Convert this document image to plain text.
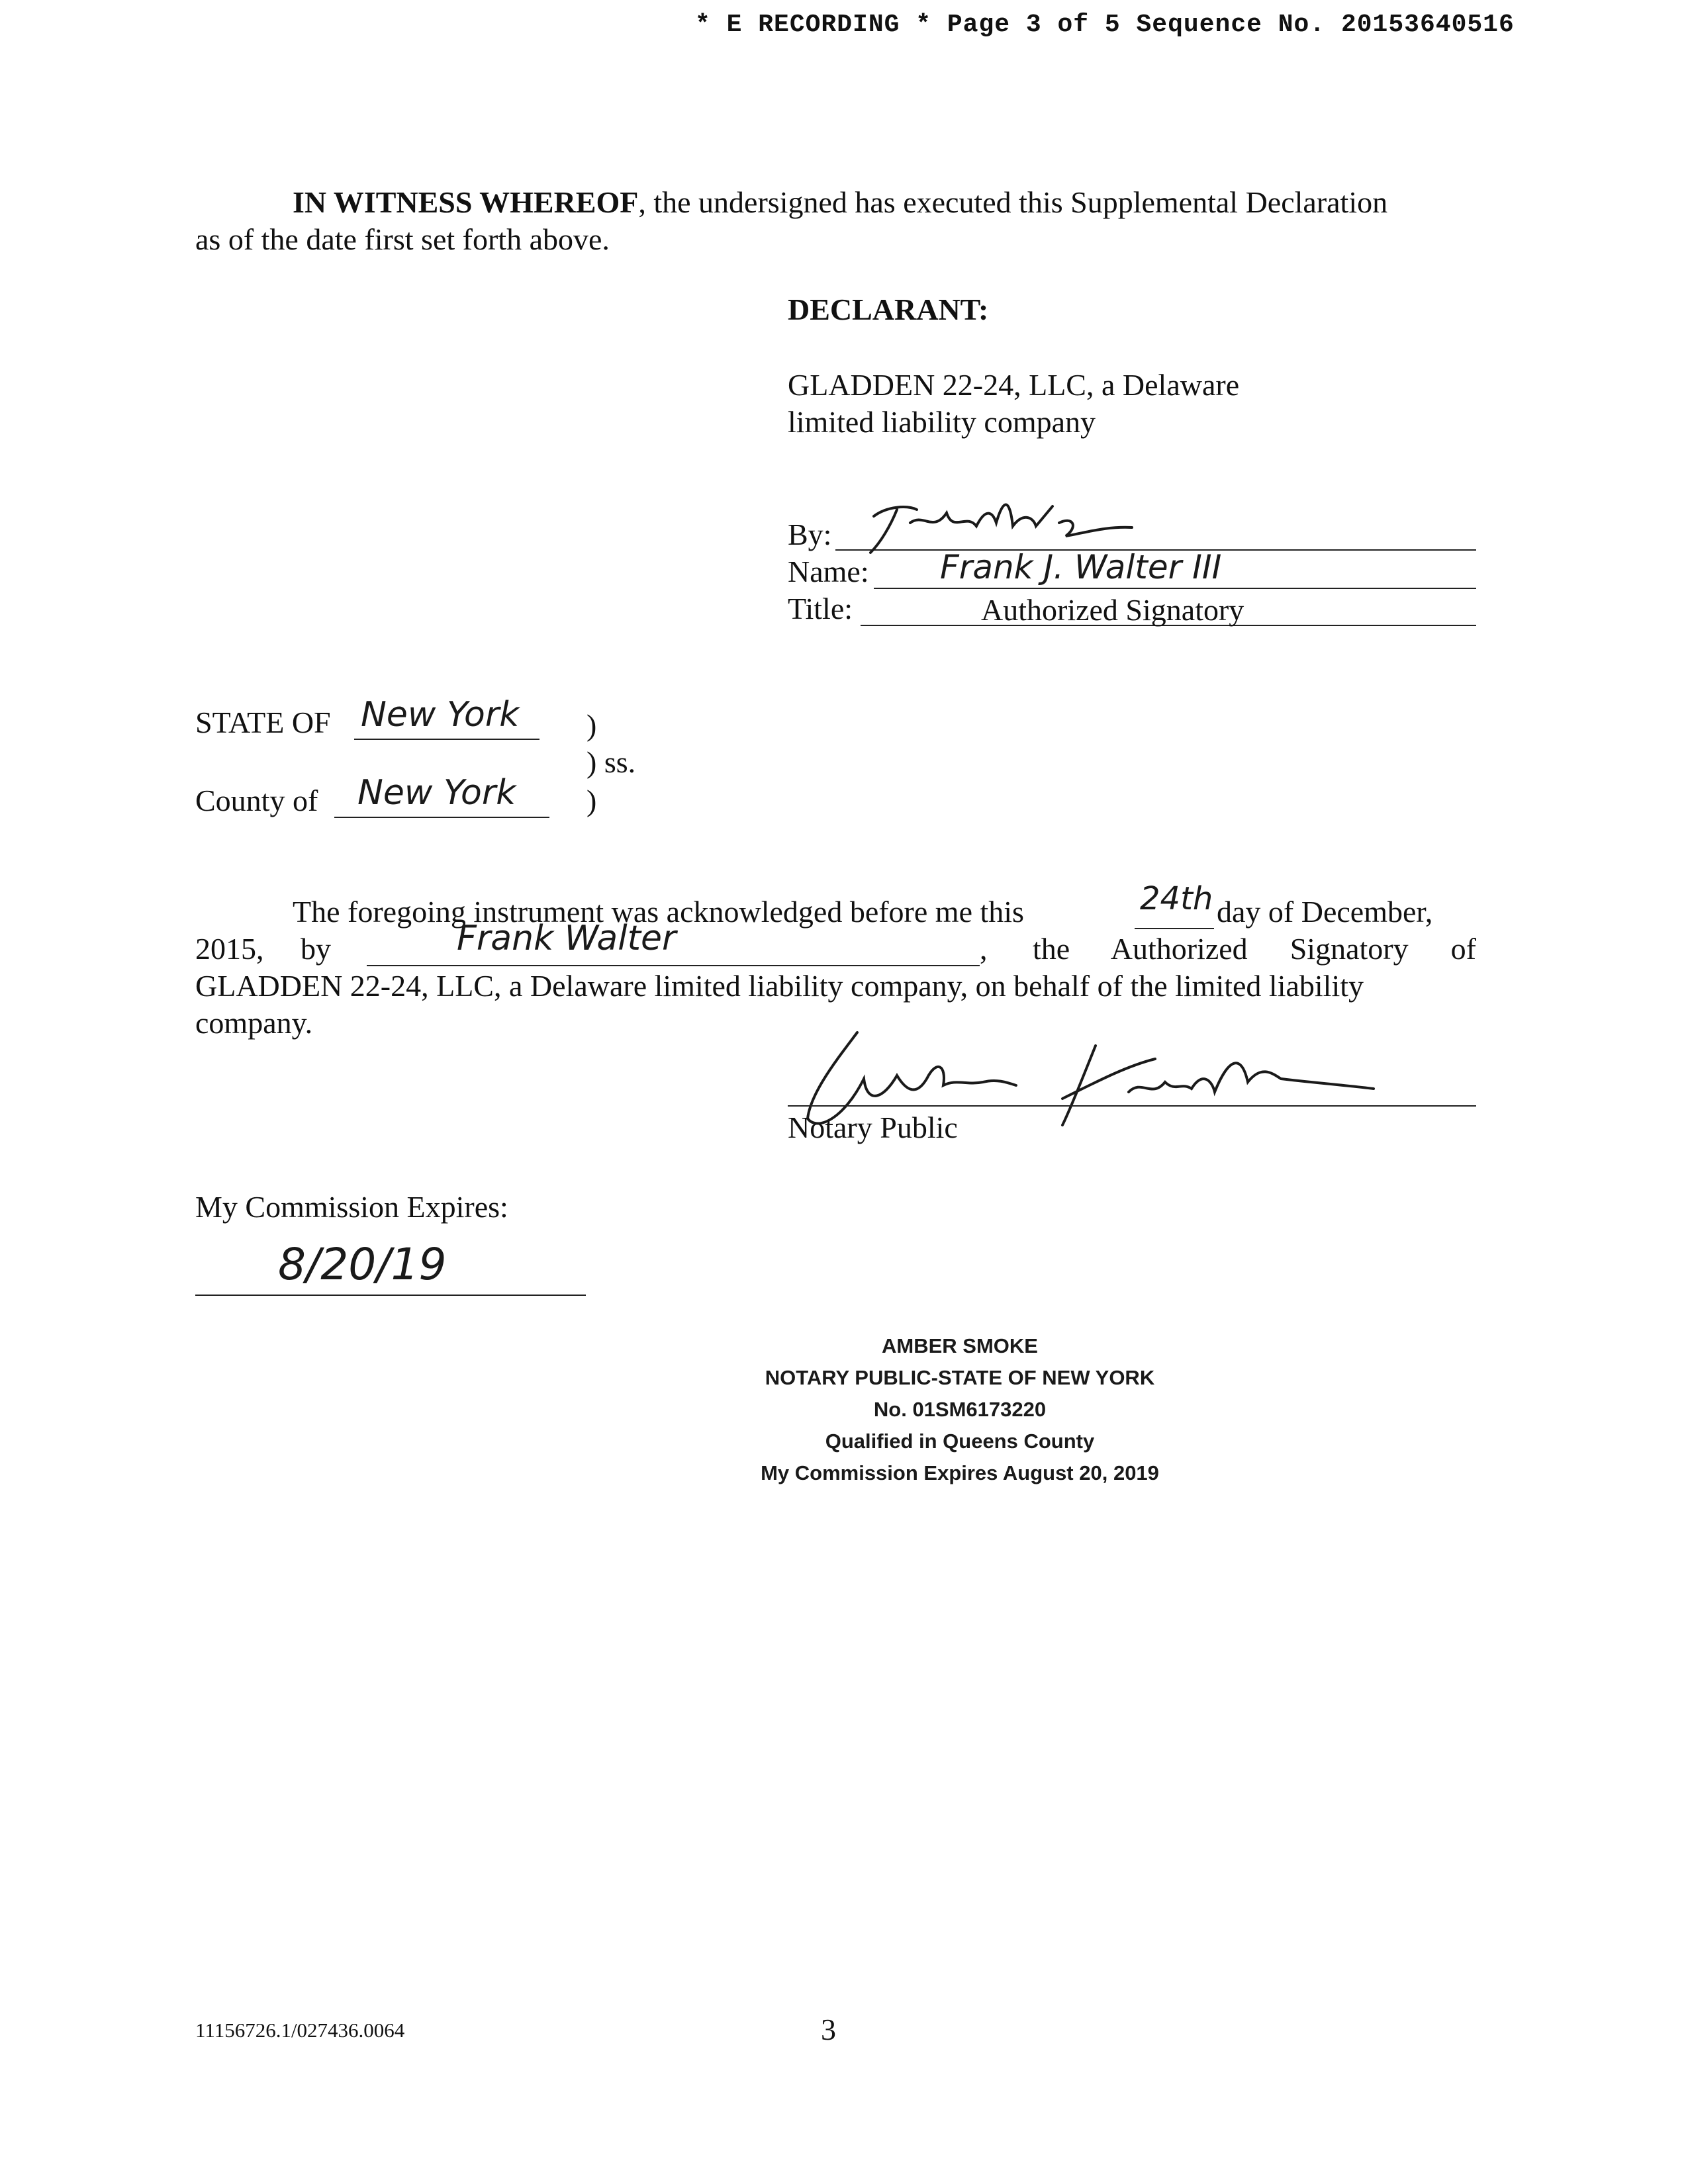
* E RECORDING * Page 3 of 5 Sequence No. 20153640516
IN WITNESS WHEREOF, the undersigned has executed this Supplemental Declaration
as of the date first set forth above.
DECLARANT:
GLADDEN 22-24, LLC, a Delaware
limited liability company
By:
Name: Frank J. Walter III
Title:	Authorized Signatory
STATE OF New York )
) ss.
County of New York )
The foregoing instrument was acknowledged before me this	24th day of December,
2015, by	Frank Walter	, the Authorized Signatory of
GLADDEN 22-24, LLC, a Delaware limited liability company, on behalf of the limited liability
company.
Notary Public
My Commission Expires:
8/20/19
AMBER SMOKE
NOTARY PUBLIC-STATE OF NEW YORK
No. 01SM6173220
Qualified in Queens County
My Commission Expires August 20, 2019
11156726.1/027436.0064	3
